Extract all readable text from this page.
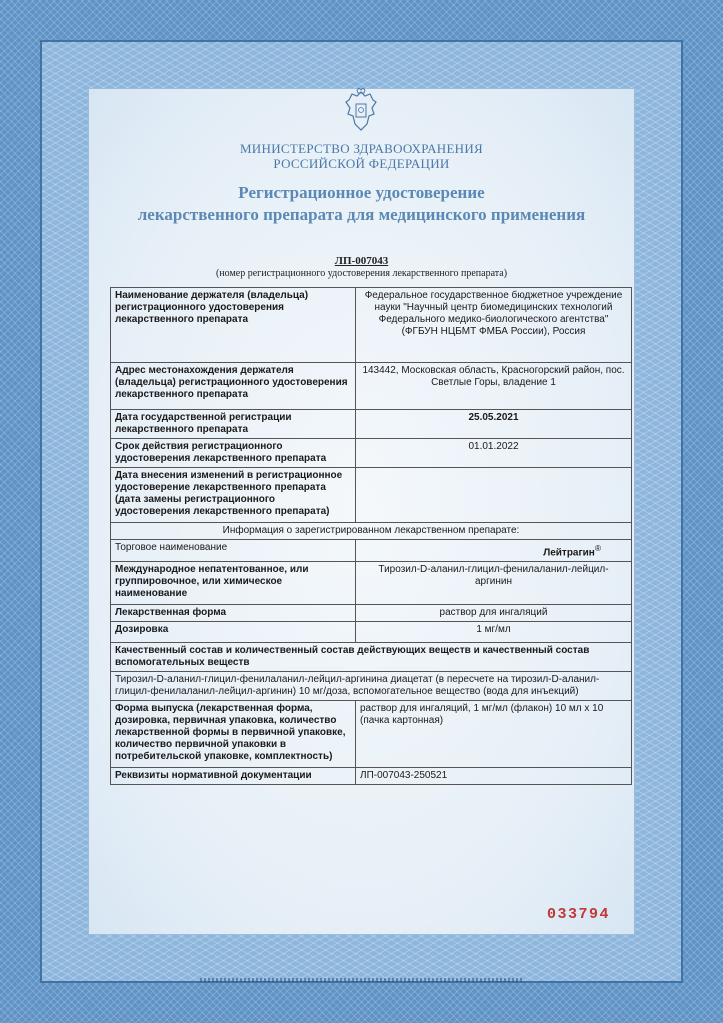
МИНИСТЕРСТВО ЗДРАВООХРАНЕНИЯ
РОССИЙСКОЙ ФЕДЕРАЦИИ
Регистрационное удостоверение
лекарственного препарата для медицинского применения
ЛП-007043
(номер регистрационного удостоверения лекарственного препарата)
Наименование держателя (владельца) регистрационного удостоверения лекарственного препарата	Федеральное государственное бюджетное учреждение науки "Научный центр биомедицинских технологий Федерального медико-биологического агентства" (ФГБУН НЦБМТ ФМБА России), Россия
Адрес местонахождения держателя (владельца) регистрационного удостоверения лекарственного препарата	143442, Московская область, Красногорский район, пос. Светлые Горы, владение 1
Дата государственной регистрации лекарственного препарата	25.05.2021
Срок действия регистрационного удостоверения лекарственного препарата	01.01.2022
Дата внесения изменений в регистрационное удостоверение лекарственного препарата (дата замены регистрационного удостоверения лекарственного препарата)	
Информация о зарегистрированном лекарственном препарате:	
Торговое наименование	Лейтрагин®
Международное непатентованное, или группировочное, или химическое наименование	Тирозил-D-аланил-глицил-фенилаланил-лейцил-аргинин
Лекарственная форма	раствор для ингаляций
Дозировка	1 мг/мл
Качественный состав и количественный состав действующих веществ и качественный состав вспомогательных веществ	
Тирозил-D-аланил-глицил-фенилаланил-лейцил-аргинина диацетат (в пересчете на тирозил-D-аланил-глицил-фенилаланил-лейцил-аргинин) 10 мг/доза, вспомогательное вещество (вода для инъекций)	
Форма выпуска (лекарственная форма, дозировка, первичная упаковка, количество лекарственной формы в первичной упаковке, количество первичной упаковки в потребительской упаковке, комплектность)	раствор для ингаляций, 1 мг/мл (флакон) 10 мл х 10 (пачка картонная)
Реквизиты нормативной документации	ЛП-007043-250521
033794
